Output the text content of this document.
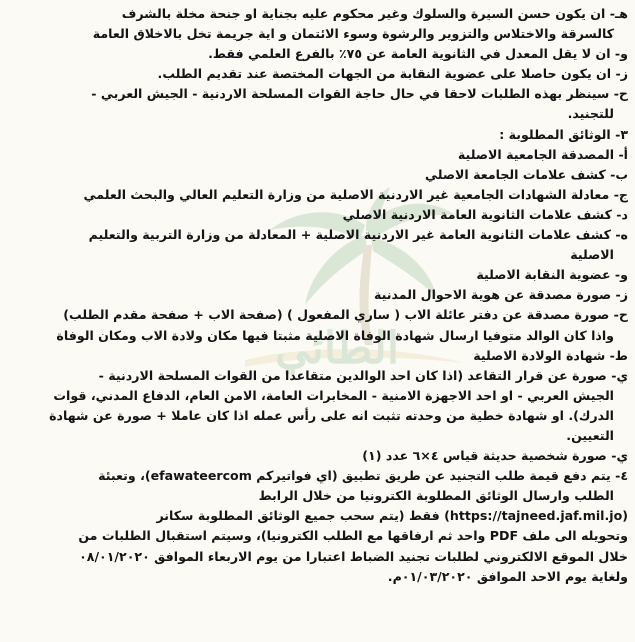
الطائي
هـ- ان يكون حسن السيرة والسلوك وغير محكوم عليه بجناية او جنحة مخلة بالشرف
كالسرقة والاختلاس والتزوير والرشوة وسوء الائتمان و اية جريمة تخل بالاخلاق العامة
و- ان لا يقل المعدل في الثانوية العامة عن ٧٥٪ بالفرع العلمي فقط.
ز- ان يكون حاصلا على عضوية النقابة من الجهات المختصة عند تقديم الطلب.
ح- سينظر بهذه الطلبات لاحقا في حال حاجة القوات المسلحة الاردنية - الجيش العربي -
للتجنيد.
٣- الوثائق المطلوبة :
أ- المصدقة الجامعية الاصلية
ب- كشف علامات الجامعة الاصلي
ج- معادلة الشهادات الجامعية غير الاردنية الاصلية من وزارة التعليم العالي والبحث العلمي
د- كشف علامات الثانوية العامة الاردنية الاصلي
ه- كشف علامات الثانوية العامة غير الاردنية الاصلية + المعادلة من وزارة التربية والتعليم
الاصلية
و- عضوية النقابة الاصلية
ز- صورة مصدقة عن هوية الاحوال المدنية
ح- صورة مصدقة عن دفتر عائلة الاب ( ساري المفعول ) (صفحة الاب + صفحة مقدم الطلب)
واذا كان الوالد متوفيا ارسال شهادة الوفاة الاصلية مثبتا فيها مكان ولادة الاب ومكان الوفاة
ط- شهادة الولادة الاصلية
ي- صورة عن قرار التقاعد (اذا كان احد الوالدين متقاعدا من القوات المسلحة الاردنية -
الجيش العربي - او احد الاجهزة الامنية - المخابرات العامة، الامن العام، الدفاع المدني، قوات
الدرك). او شهادة خطية من وحدته تثبت انه على رأس عمله اذا كان عاملا + صورة عن شهادة
التعيين.
ي- صورة شخصية حديثة قياس ٤×٦ عدد (١)
٤- يتم دفع قيمة طلب التجنيد عن طريق تطبيق (اي فواتيركم efawateercom)، وتعبئة
الطلب وارسال الوثائق المطلوبة الكترونيا من خلال الرابط
(https://tajneed.jaf.mil.jo) فقط (يتم سحب جميع الوثائق المطلوبة سكانر
وتحويله الى ملف PDF واحد ثم ارفاقها مع الطلب الكترونيا)، وسيتم استقبال الطلبات من
خلال الموقع الالكتروني لطلبات تجنيد الضباط اعتبارا من يوم الاربعاء الموافق ٠٨/٠١/٢٠٢٠
ولغاية يوم الاحد الموافق ٠١/٠٣/٢٠٢٠م.
